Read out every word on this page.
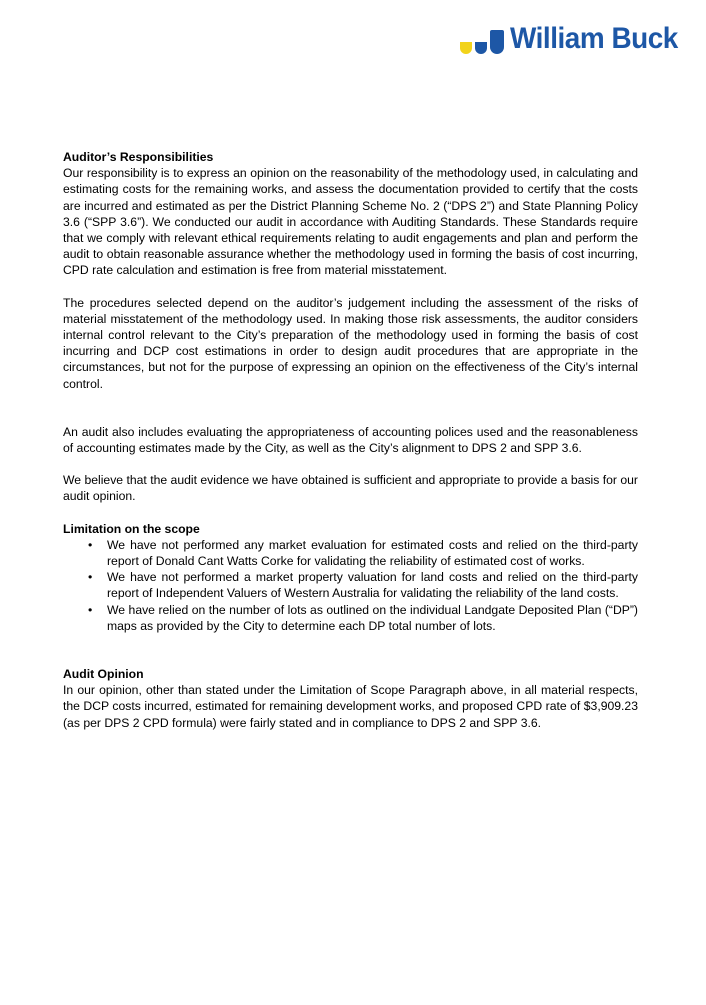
William Buck
Auditor’s Responsibilities

Our responsibility is to express an opinion on the reasonability of the methodology used, in calculating and estimating costs for the remaining works, and assess the documentation provided to certify that the costs are incurred and estimated as per the District Planning Scheme No. 2 (“DPS 2”) and State Planning Policy 3.6 (“SPP 3.6”). We conducted our audit in accordance with Auditing Standards. These Standards require that we comply with relevant ethical requirements relating to audit engagements and plan and perform the audit to obtain reasonable assurance whether the methodology used in forming the basis of cost incurring, CPD rate calculation and estimation is free from material misstatement.

The procedures selected depend on the auditor’s judgement including the assessment of the risks of material misstatement of the methodology used. In making those risk assessments, the auditor considers internal control relevant to the City’s preparation of the methodology used in forming the basis of cost incurring and DCP cost estimations in order to design audit procedures that are appropriate in the circumstances, but not for the purpose of expressing an opinion on the effectiveness of the City’s internal control.

An audit also includes evaluating the appropriateness of accounting polices used and the reasonableness of accounting estimates made by the City, as well as the City’s alignment to DPS 2 and SPP 3.6.

We believe that the audit evidence we have obtained is sufficient and appropriate to provide a basis for our audit opinion.

Limitation on the scope
• We have not performed any market evaluation for estimated costs and relied on the third-party report of Donald Cant Watts Corke for validating the reliability of estimated cost of works.
• We have not performed a market property valuation for land costs and relied on the third-party report of Independent Valuers of Western Australia for validating the reliability of the land costs.
• We have relied on the number of lots as outlined on the individual Landgate Deposited Plan (“DP”) maps as provided by the City to determine each DP total number of lots.
Audit Opinion

In our opinion, other than stated under the Limitation of Scope Paragraph above, in all material respects, the DCP costs incurred, estimated for remaining development works, and proposed CPD rate of $3,909.23 (as per DPS 2 CPD formula) were fairly stated and in compliance to DPS 2 and SPP 3.6.
